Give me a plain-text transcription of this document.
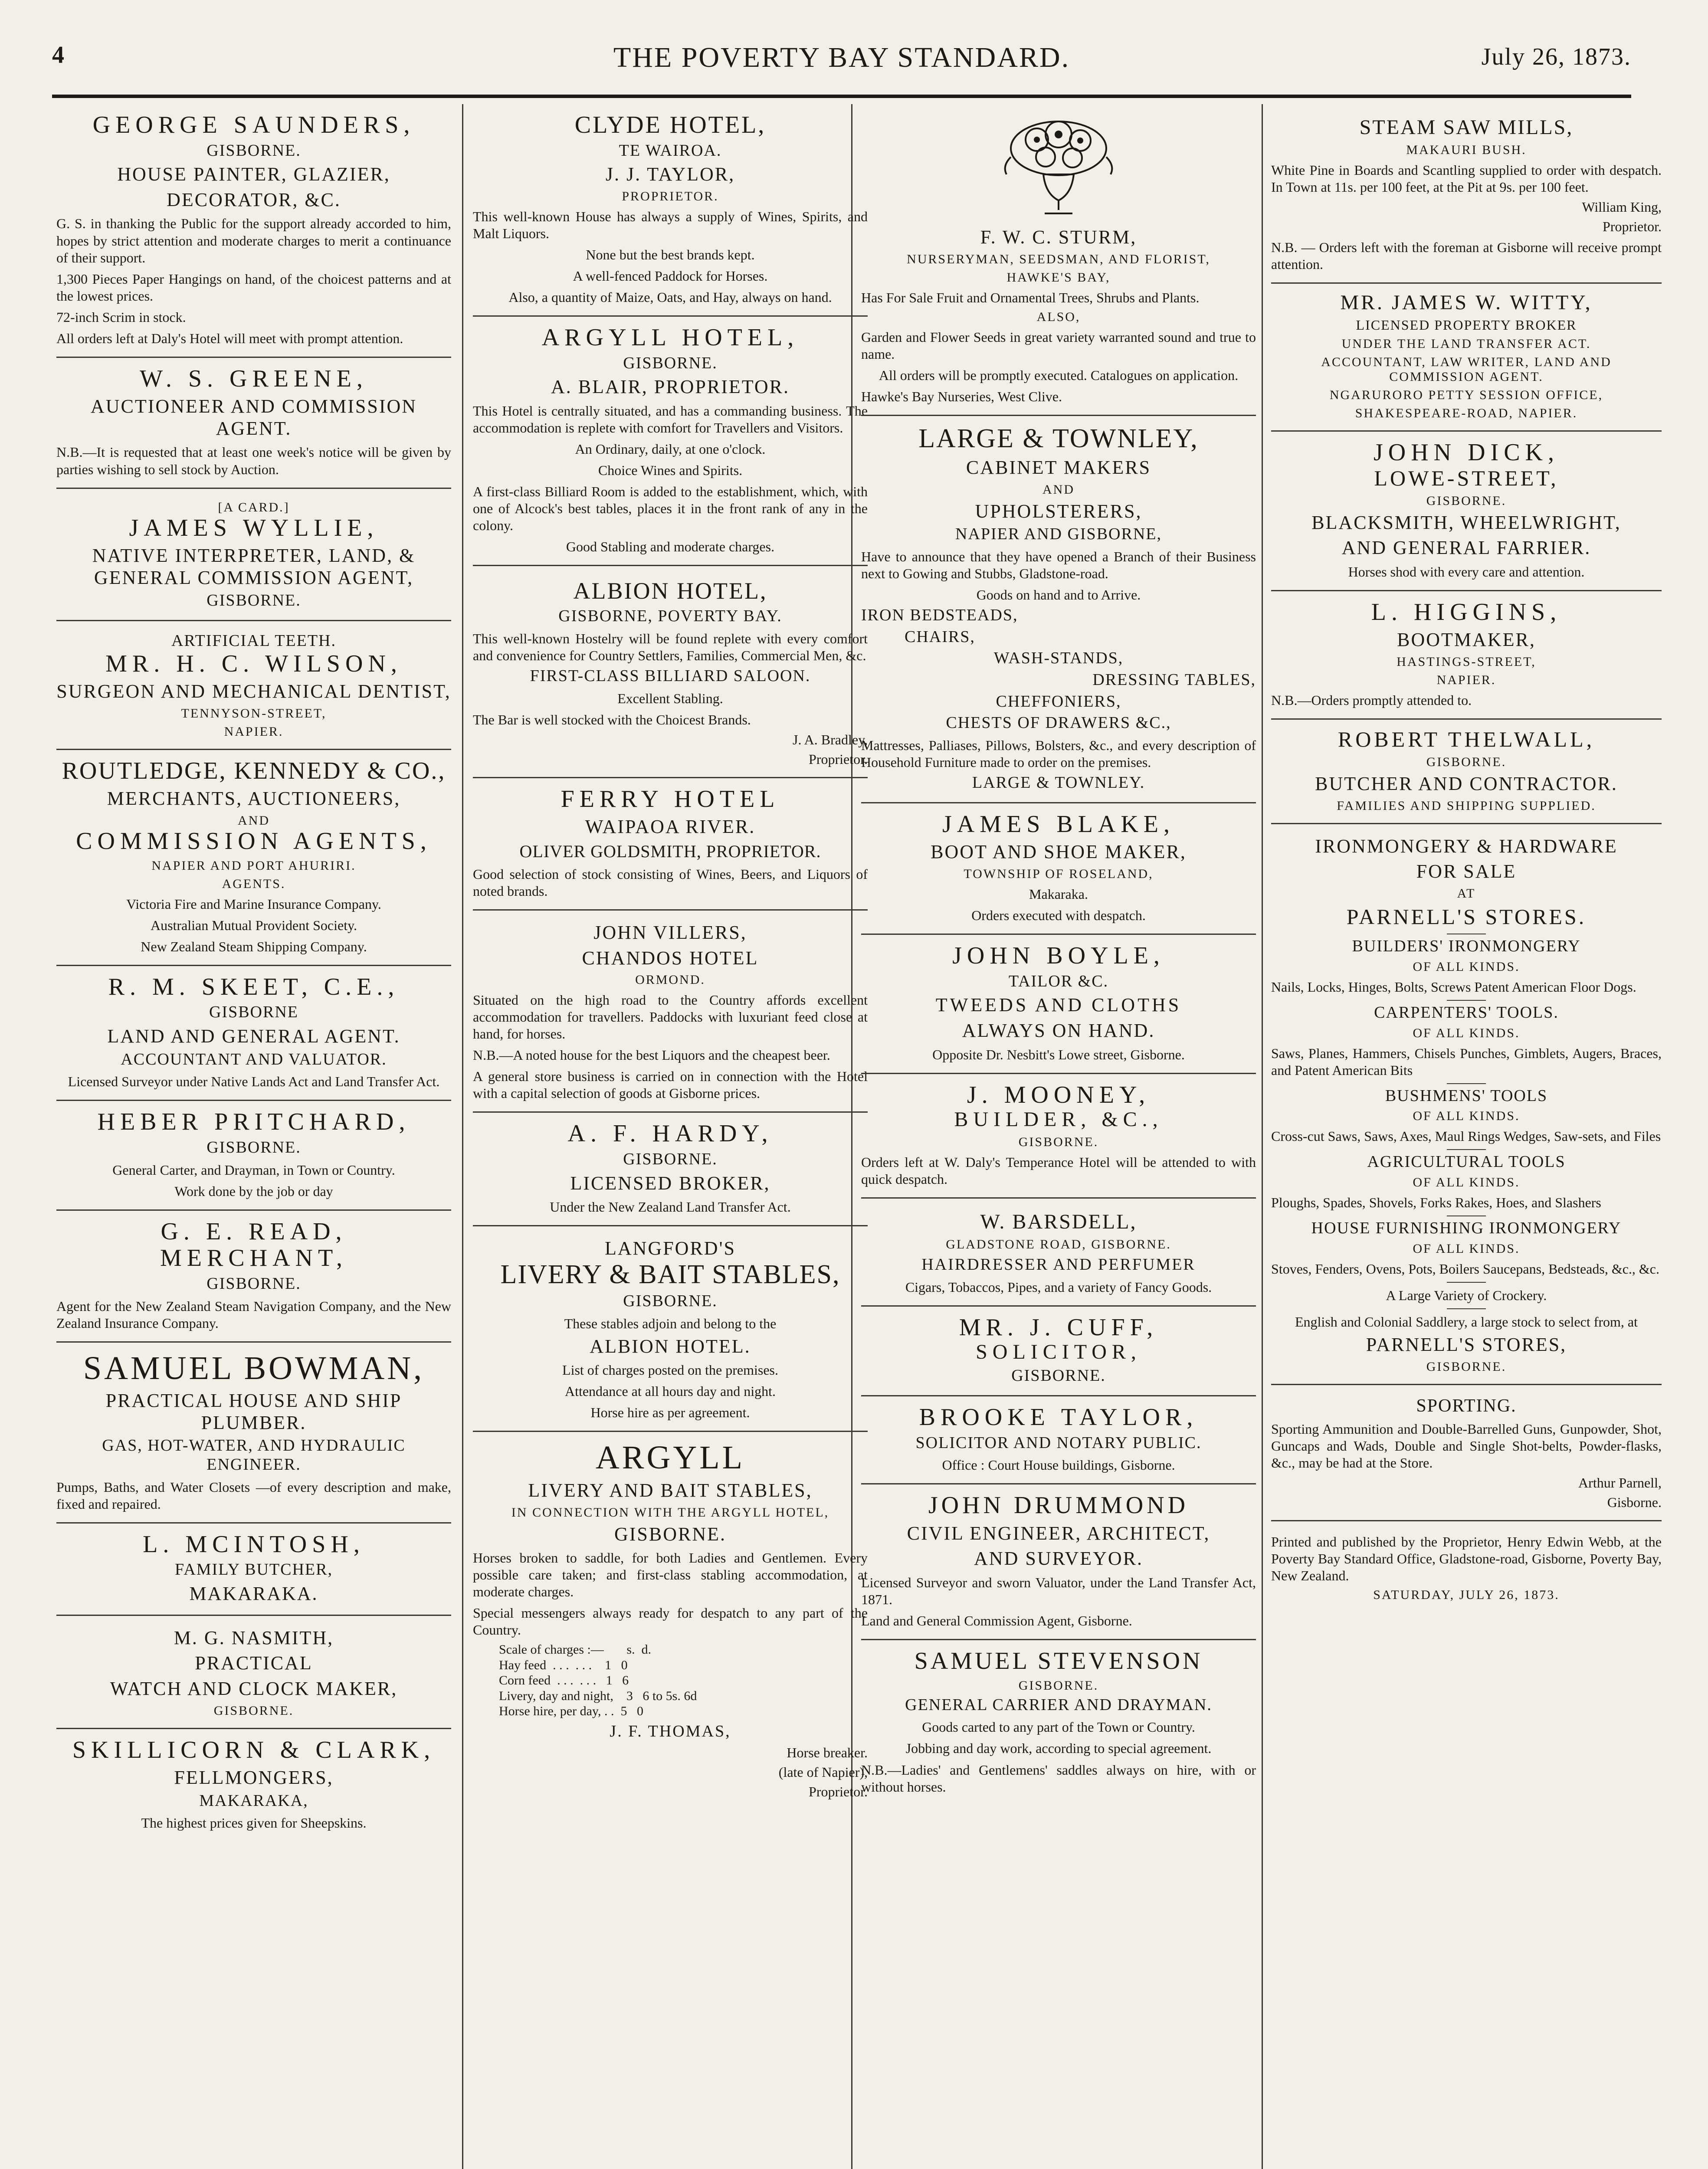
4	THE POVERTY BAY STANDARD.	July 26, 1873.
GEORGE SAUNDERS,
GISBORNE.
HOUSE PAINTER, GLAZIER,
DECORATOR, &C.
G. S. in thanking the Public for the support already accorded to him, hopes by strict attention and moderate charges to merit a continuance of their support.
1,300 Pieces Paper Hangings on hand, of the choicest patterns and at the lowest prices.
72-inch Scrim in stock.
All orders left at Daly's Hotel will meet with prompt attention.
W. S. GREENE,
AUCTIONEER AND COMMISSION AGENT.
N.B.—It is requested that at least one week's notice will be given by parties wishing to sell stock by Auction.
[A CARD.]
JAMES WYLLIE,
NATIVE INTERPRETER, LAND, & GENERAL COMMISSION AGENT,
GISBORNE.
ARTIFICIAL TEETH.
MR. H. C. WILSON,
SURGEON AND MECHANICAL DENTIST,
TENNYSON-STREET,
NAPIER.
ROUTLEDGE, KENNEDY & CO.,
MERCHANTS, AUCTIONEERS,
AND
COMMISSION AGENTS,
NAPIER AND PORT AHURIRI.
AGENTS.
Victoria Fire and Marine Insurance Company.
Australian Mutual Provident Society.
New Zealand Steam Shipping Company.
R. M. SKEET, C.E.,
GISBORNE
LAND AND GENERAL AGENT.
ACCOUNTANT AND VALUATOR.
Licensed Surveyor under Native Lands Act and Land Transfer Act.
HEBER PRITCHARD,
GISBORNE.
General Carter, and Drayman, in Town or Country.
Work done by the job or day
G. E. READ,
MERCHANT,
GISBORNE.
Agent for the New Zealand Steam Navigation Company, and the New Zealand Insurance Company.
SAMUEL BOWMAN,
PRACTICAL HOUSE AND SHIP PLUMBER.
GAS, HOT-WATER, AND HYDRAULIC ENGINEER.
Pumps, Baths, and Water Closets —of every description and make, fixed and repaired.
L. MCINTOSH,
FAMILY BUTCHER,
MAKARAKA.
M. G. NASMITH,
PRACTICAL
WATCH AND CLOCK MAKER,
GISBORNE.
SKILLICORN & CLARK,
FELLMONGERS,
MAKARAKA,
The highest prices given for Sheepskins.
CLYDE HOTEL,
TE WAIROA.
J. J. TAYLOR,
PROPRIETOR.
This well-known House has always a supply of Wines, Spirits, and Malt Liquors.
None but the best brands kept.
A well-fenced Paddock for Horses.
Also, a quantity of Maize, Oats, and Hay, always on hand.
ARGYLL HOTEL,
GISBORNE.
A. BLAIR, PROPRIETOR.
This Hotel is centrally situated, and has a commanding business. The accommodation is replete with comfort for Travellers and Visitors.
An Ordinary, daily, at one o'clock.
Choice Wines and Spirits.
A first-class Billiard Room is added to the establishment, which, with one of Alcock's best tables, places it in the front rank of any in the colony.
Good Stabling and moderate charges.
ALBION HOTEL,
GISBORNE, POVERTY BAY.
This well-known Hostelry will be found replete with every comfort and convenience for Country Settlers, Families, Commercial Men, &c.
FIRST-CLASS BILLIARD SALOON.
Excellent Stabling.
The Bar is well stocked with the Choicest Brands.
J. A. Bradley,
Proprietor.
FERRY HOTEL
WAIPAOA RIVER.
OLIVER GOLDSMITH, PROPRIETOR.
Good selection of stock consisting of Wines, Beers, and Liquors of noted brands.
JOHN VILLERS,
CHANDOS HOTEL
ORMOND.
Situated on the high road to the Country affords excellent accommodation for travellers. Paddocks with luxuriant feed close at hand, for horses.
N.B.—A noted house for the best Liquors and the cheapest beer.
A general store business is carried on in connection with the Hotel with a capital selection of goods at Gisborne prices.
A. F. HARDY,
GISBORNE.
LICENSED BROKER,
Under the New Zealand Land Transfer Act.
LANGFORD'S
LIVERY & BAIT STABLES,
GISBORNE.
These stables adjoin and belong to the
ALBION HOTEL.
List of charges posted on the premises.
Attendance at all hours day and night.
Horse hire as per agreement.
ARGYLL
LIVERY AND BAIT STABLES,
IN CONNECTION WITH THE ARGYLL HOTEL,
GISBORNE.
Horses broken to saddle, for both Ladies and Gentlemen. Every possible care taken; and first-class stabling accommodation, at moderate charges.
Special messengers always ready for despatch to any part of the Country.
Scale of charges :—       s.  d.
Hay feed  . . .  . . .    1   0
Corn feed  . . .  . . .   1   6
Livery, day and night,    3   6 to 5s. 6d
Horse hire, per day, . .  5   0
J. F. THOMAS,
Horse breaker.
(late of Napier),
Proprietor.
F. W. C. STURM,
NURSERYMAN, SEEDSMAN, AND FLORIST,
HAWKE'S BAY,
Has For Sale Fruit and Ornamental Trees, Shrubs and Plants.
ALSO,
Garden and Flower Seeds in great variety warranted sound and true to name.
All orders will be promptly executed. Catalogues on application.
Hawke's Bay Nurseries, West Clive.
LARGE & TOWNLEY,
CABINET MAKERS
AND
UPHOLSTERERS,
NAPIER AND GISBORNE,
Have to announce that they have opened a Branch of their Business next to Gowing and Stubbs, Gladstone-road.
Goods on hand and to Arrive.
IRON BEDSTEADS,
CHAIRS,
WASH-STANDS,
DRESSING TABLES,
CHEFFONIERS,
CHESTS OF DRAWERS &C.,
Mattresses, Palliases, Pillows, Bolsters, &c., and every description of Household Furniture made to order on the premises.
LARGE & TOWNLEY.
JAMES BLAKE,
BOOT AND SHOE MAKER,
TOWNSHIP OF ROSELAND,
Makaraka.
Orders executed with despatch.
JOHN BOYLE,
TAILOR &C.
TWEEDS AND CLOTHS
ALWAYS ON HAND.
Opposite Dr. Nesbitt's Lowe street, Gisborne.
J. MOONEY,
BUILDER, &C.,
GISBORNE.
Orders left at W. Daly's Temperance Hotel will be attended to with quick despatch.
W. BARSDELL,
GLADSTONE ROAD, GISBORNE.
HAIRDRESSER AND PERFUMER
Cigars, Tobaccos, Pipes, and a variety of Fancy Goods.
MR. J. CUFF,
SOLICITOR,
GISBORNE.
BROOKE TAYLOR,
SOLICITOR AND NOTARY PUBLIC.
Office : Court House buildings, Gisborne.
JOHN DRUMMOND
CIVIL ENGINEER, ARCHITECT,
AND SURVEYOR.
Licensed Surveyor and sworn Valuator, under the Land Transfer Act, 1871.
Land and General Commission Agent, Gisborne.
SAMUEL STEVENSON
GISBORNE.
GENERAL CARRIER AND DRAYMAN.
Goods carted to any part of the Town or Country.
Jobbing and day work, according to special agreement.
N.B.—Ladies' and Gentlemens' saddles always on hire, with or without horses.
STEAM SAW MILLS,
MAKAURI BUSH.
White Pine in Boards and Scantling supplied to order with despatch. In Town at 11s. per 100 feet, at the Pit at 9s. per 100 feet.
William King,
Proprietor.
N.B. — Orders left with the foreman at Gisborne will receive prompt attention.
MR. JAMES W. WITTY,
LICENSED PROPERTY BROKER
UNDER THE LAND TRANSFER ACT.
ACCOUNTANT, LAW WRITER, LAND AND COMMISSION AGENT.
NGARURORO PETTY SESSION OFFICE,
SHAKESPEARE-ROAD, NAPIER.
JOHN DICK,
LOWE-STREET,
GISBORNE.
BLACKSMITH, WHEELWRIGHT,
AND GENERAL FARRIER.
Horses shod with every care and attention.
L. HIGGINS,
BOOTMAKER,
HASTINGS-STREET,
NAPIER.
N.B.—Orders promptly attended to.
ROBERT THELWALL,
GISBORNE.
BUTCHER AND CONTRACTOR.
FAMILIES AND SHIPPING SUPPLIED.
IRONMONGERY & HARDWARE
FOR SALE
AT
PARNELL'S STORES.
BUILDERS' IRONMONGERY
OF ALL KINDS.
Nails, Locks, Hinges, Bolts, Screws Patent American Floor Dogs.
CARPENTERS' TOOLS.
OF ALL KINDS.
Saws, Planes, Hammers, Chisels Punches, Gimblets, Augers, Braces, and Patent American Bits
BUSHMENS' TOOLS
OF ALL KINDS.
Cross-cut Saws, Saws, Axes, Maul Rings Wedges, Saw-sets, and Files
AGRICULTURAL TOOLS
OF ALL KINDS.
Ploughs, Spades, Shovels, Forks Rakes, Hoes, and Slashers
HOUSE FURNISHING IRONMONGERY
OF ALL KINDS.
Stoves, Fenders, Ovens, Pots, Boilers Saucepans, Bedsteads, &c., &c.
A Large Variety of Crockery.
English and Colonial Saddlery, a large stock to select from, at
PARNELL'S STORES,
GISBORNE.
SPORTING.
Sporting Ammunition and Double-Barrelled Guns, Gunpowder, Shot, Guncaps and Wads, Double and Single Shot-belts, Powder-flasks, &c., may be had at the Store.
Arthur Parnell,
Gisborne.
Printed and published by the Proprietor, Henry Edwin Webb, at the Poverty Bay Standard Office, Gladstone-road, Gisborne, Poverty Bay, New Zealand.
SATURDAY, JULY 26, 1873.
